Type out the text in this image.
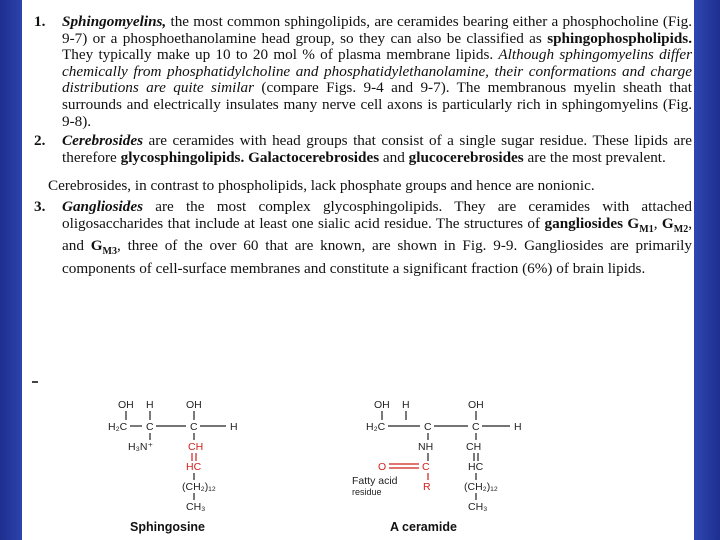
1.	Sphingomyelins, the most common sphingolipids, are ceramides bearing either a phosphocholine (Fig. 9-7) or a phosphoethanolamine head group, so they can also be classified as sphingophospholipids. They typically make up 10 to 20 mol % of plasma membrane lipids. Although sphingomyelins differ chemically from phosphatidylcholine and phosphatidylethanolamine, their conformations and charge distributions are quite similar (compare Figs. 9-4 and 9-7). The membranous myelin sheath that surrounds and electrically insulates many nerve cell axons is particularly rich in sphingomyelins (Fig. 9-8).
2.	Cerebrosides are ceramides with head groups that consist of a single sugar residue. These lipids are therefore glycosphingolipids. Galactocerebrosides and glucocerebrosides are the most prevalent.
Cerebrosides, in contrast to phospholipids, lack phosphate groups and hence are nonionic.
3.	Gangliosides are the most complex glycosphingolipids. They are ceramides with attached oligosaccharides that include at least one sialic acid residue. The structures of gangliosides $G_{M1}$, $G_{M2}$, and $G_{M3}$, three of the over 60 that are known, are shown in Fig. 9-9. Gangliosides are primarily components of cell-surface membranes and constitute a significant fraction (6%) of brain lipids.
OH H	OH
H₂C C	C	H
H₃N⁺	CH
HC
(CH₂)₁₂
CH₃
Sphingosine
OH H	OH
H₂C	C	C	H
NH	CH
O	C	HC
Fatty acid
residue	R	(CH₂)₁₂
CH₃
A ceramide
